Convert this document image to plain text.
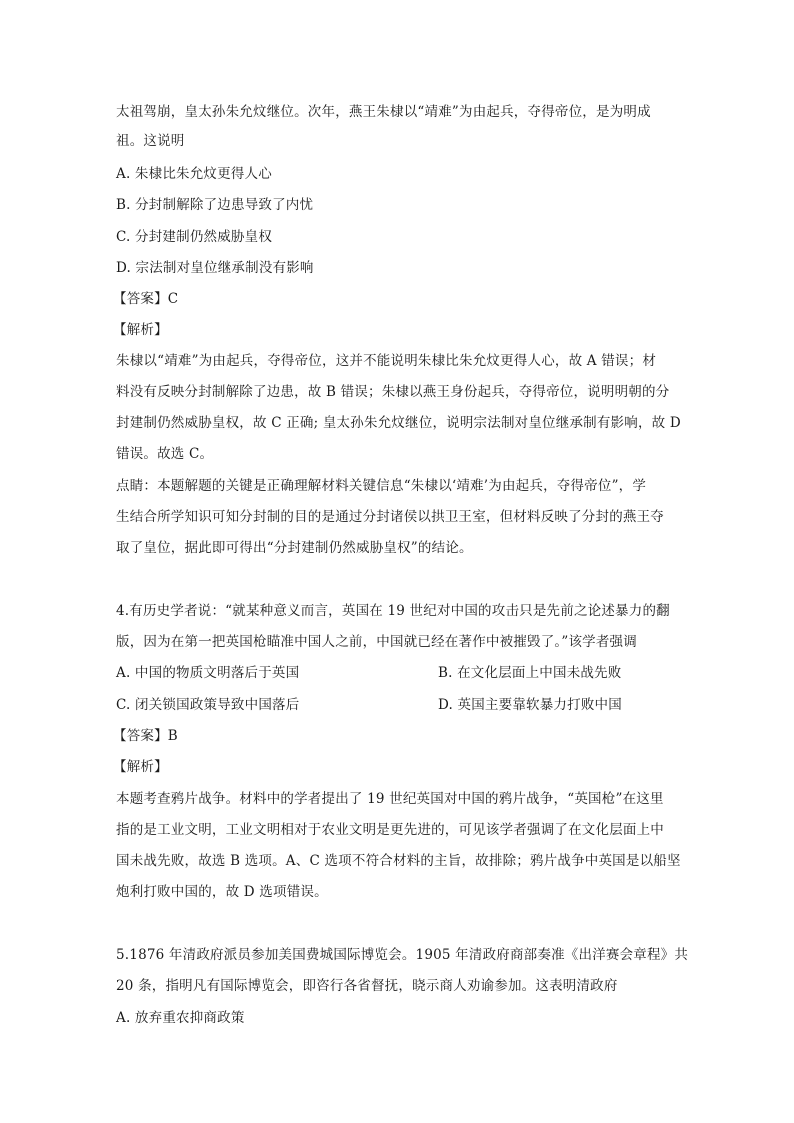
太祖驾崩，皇太孙朱允炆继位。次年，燕王朱棣以“靖难”为由起兵，夺得帝位，是为明成
祖。这说明
A. 朱棣比朱允炆更得人心
B. 分封制解除了边患导致了内忧
C. 分封建制仍然威胁皇权
D. 宗法制对皇位继承制没有影响
【答案】C
【解析】
朱棣以“靖难”为由起兵，夺得帝位，这并不能说明朱棣比朱允炆更得人心，故 A 错误；材
料没有反映分封制解除了边患，故 B 错误；朱棣以燕王身份起兵，夺得帝位，说明明朝的分
封建制仍然威胁皇权，故 C 正确; 皇太孙朱允炆继位，说明宗法制对皇位继承制有影响，故 D
错误。故选 C。
点睛：本题解题的关键是正确理解材料关键信息“朱棣以‘靖难’为由起兵，夺得帝位”，学
生结合所学知识可知分封制的目的是通过分封诸侯以拱卫王室，但材料反映了分封的燕王夺
取了皇位，据此即可得出“分封建制仍然威胁皇权”的结论。
4.有历史学者说：“就某种意义而言，英国在 19 世纪对中国的攻击只是先前之论述暴力的翻
版，因为在第一把英国枪瞄准中国人之前，中国就已经在著作中被摧毁了。”该学者强调
A. 中国的物质文明落后于英国	B. 在文化层面上中国未战先败
C. 闭关锁国政策导致中国落后	D. 英国主要靠软暴力打败中国
【答案】B
【解析】
本题考查鸦片战争。材料中的学者提出了 19 世纪英国对中国的鸦片战争，“英国枪”在这里
指的是工业文明，工业文明相对于农业文明是更先进的，可见该学者强调了在文化层面上中
国未战先败，故选 B 选项。A、C 选项不符合材料的主旨，故排除；鸦片战争中英国是以船坚
炮利打败中国的，故 D 选项错误。
5.1876 年清政府派员参加美国费城国际博览会。1905 年清政府商部奏准《出洋赛会章程》共
20 条，指明凡有国际博览会，即咨行各省督抚，晓示商人劝谕参加。这表明清政府
A. 放弃重农抑商政策
